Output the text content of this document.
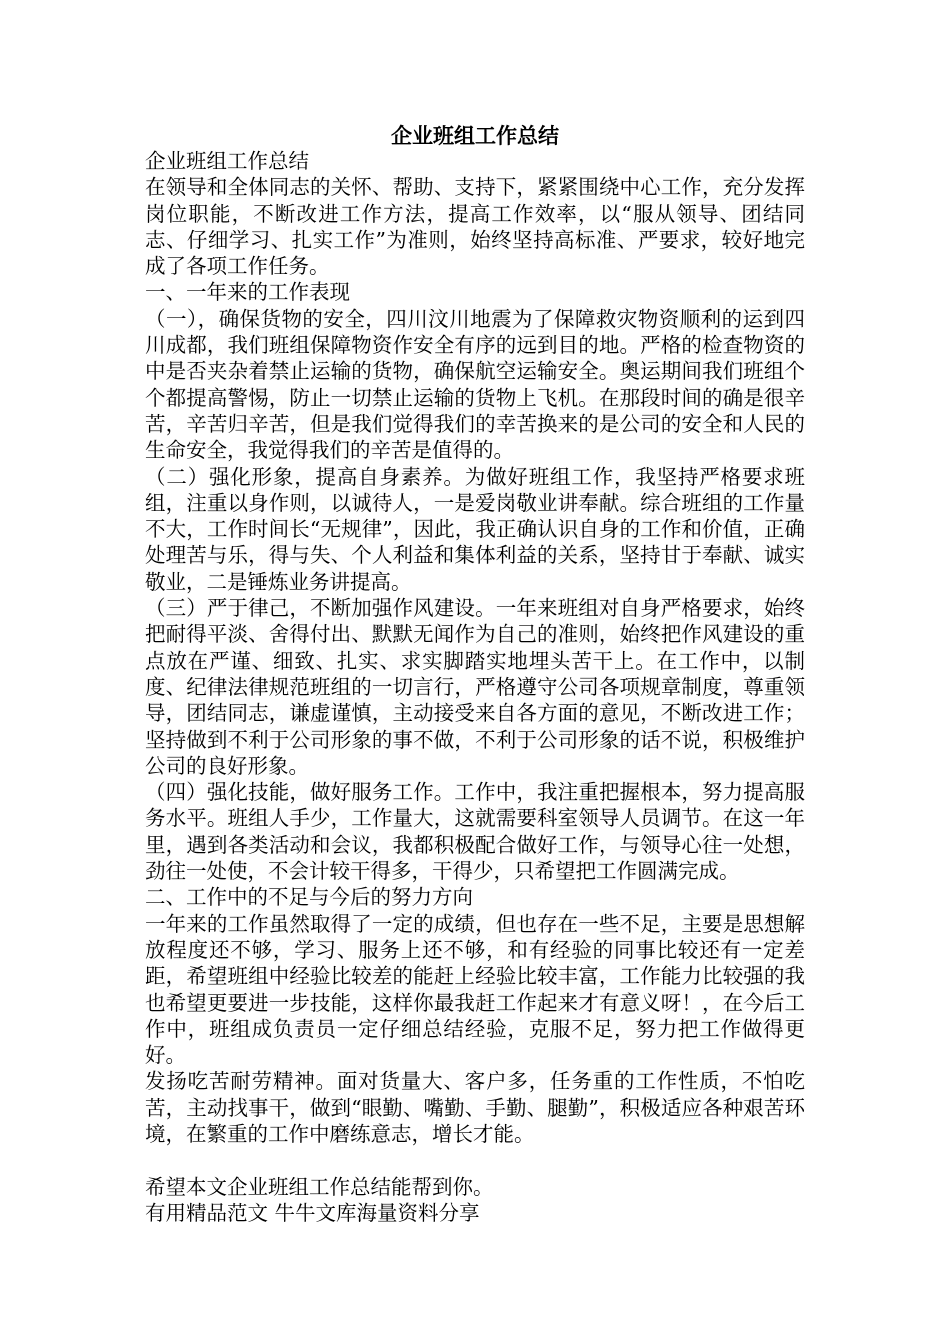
企业班组工作总结

企业班组工作总结

在领导和全体同志的关怀、帮助、支持下，紧紧围绕中心工作，充分发挥岗位职能，不断改进工作方法，提高工作效率，以“服从领导、团结同志、仔细学习、扎实工作”为准则，始终坚持高标准、严要求，较好地完成了各项工作任务。

一、一年来的工作表现

（一），确保货物的安全，四川汶川地震为了保障救灾物资顺利的运到四川成都，我们班组保障物资作安全有序的远到目的地。严格的检查物资的中是否夹杂着禁止运输的货物，确保航空运输安全。奥运期间我们班组个个都提高警惕，防止一切禁止运输的货物上飞机。在那段时间的确是很辛苦，辛苦归辛苦，但是我们觉得我们的幸苦换来的是公司的安全和人民的生命安全，我觉得我们的辛苦是值得的。

（二）强化形象，提高自身素养。为做好班组工作，我坚持严格要求班组，注重以身作则，以诚待人，一是爱岗敬业讲奉献。综合班组的工作量不大，工作时间长“无规律”，因此，我正确认识自身的工作和价值，正确处理苦与乐，得与失、个人利益和集体利益的关系，坚持甘于奉献、诚实敬业，二是锤炼业务讲提高。

（三）严于律己，不断加强作风建设。一年来班组对自身严格要求，始终把耐得平淡、舍得付出、默默无闻作为自己的准则，始终把作风建设的重点放在严谨、细致、扎实、求实脚踏实地埋头苦干上。在工作中，以制度、纪律法律规范班组的一切言行，严格遵守公司各项规章制度，尊重领导，团结同志，谦虚谨慎，主动接受来自各方面的意见，不断改进工作；坚持做到不利于公司形象的事不做，不利于公司形象的话不说，积极维护公司的良好形象。

（四）强化技能，做好服务工作。工作中，我注重把握根本，努力提高服务水平。班组人手少，工作量大，这就需要科室领导人员调节。在这一年里，遇到各类活动和会议，我都积极配合做好工作，与领导心往一处想，劲往一处使，不会计较干得多，干得少，只希望把工作圆满完成。

二、工作中的不足与今后的努力方向

一年来的工作虽然取得了一定的成绩，但也存在一些不足，主要是思想解放程度还不够，学习、服务上还不够，和有经验的同事比较还有一定差距，希望班组中经验比较差的能赶上经验比较丰富，工作能力比较强的我也希望更要进一步技能，这样你最我赶工作起来才有意义呀！，在今后工作中，班组成负责员一定仔细总结经验，克服不足，努力把工作做得更好。

发扬吃苦耐劳精神。面对货量大、客户多，任务重的工作性质，不怕吃苦，主动找事干，做到“眼勤、嘴勤、手勤、腿勤”，积极适应各种艰苦环境，在繁重的工作中磨练意志，增长才能。

希望本文企业班组工作总结能帮到你。

有用精品范文 牛牛文库海量资料分享
